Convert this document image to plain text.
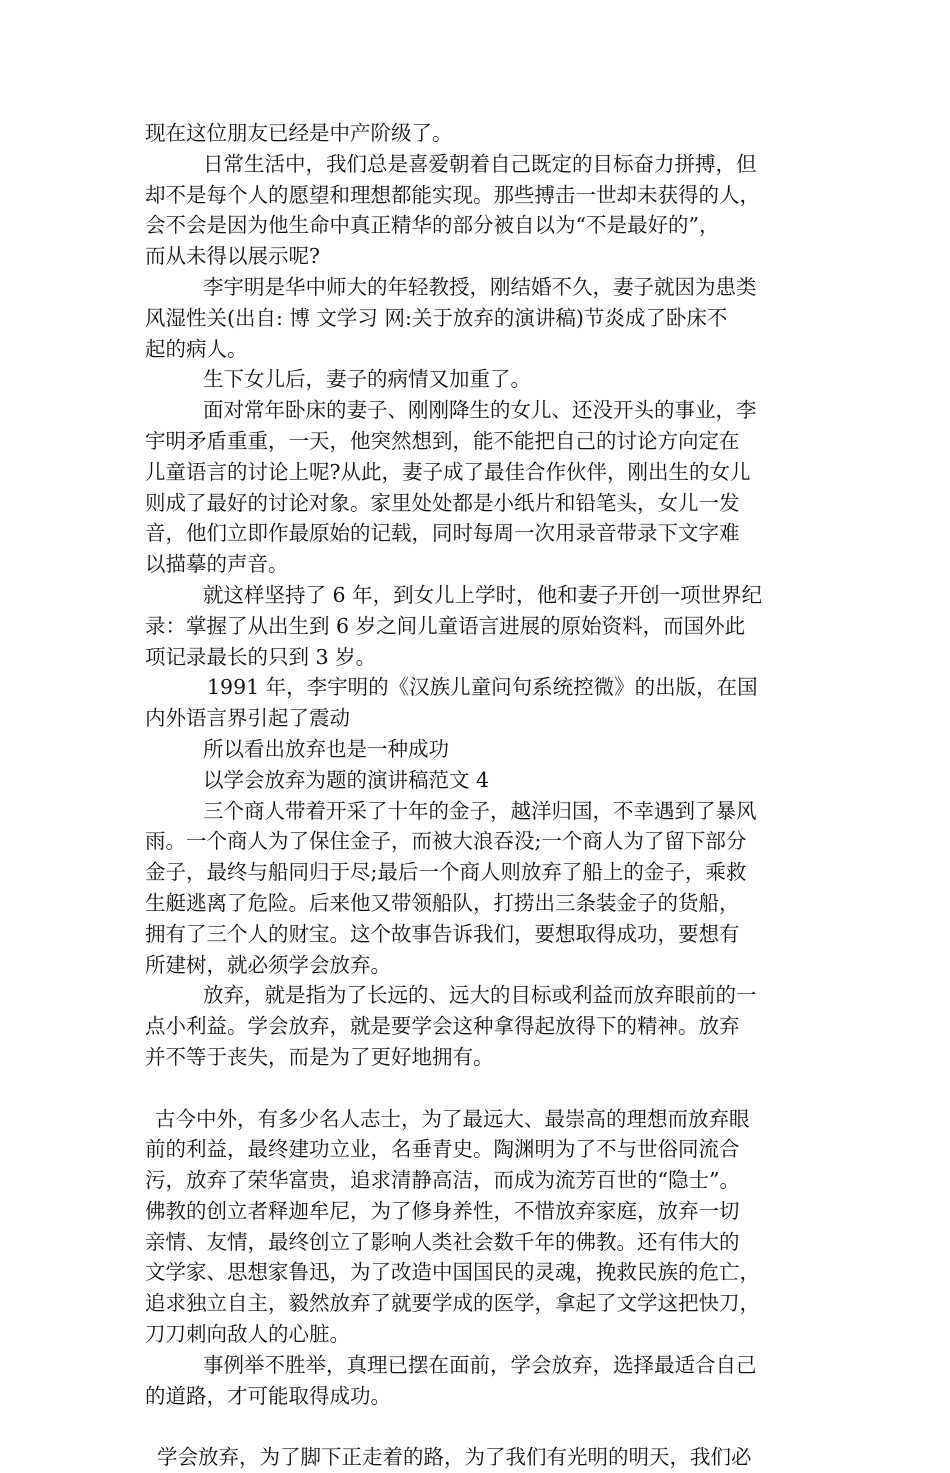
现在这位朋友已经是中产阶级了。
日常生活中，我们总是喜爱朝着自己既定的目标奋力拼搏，但
却不是每个人的愿望和理想都能实现。那些搏击一世却未获得的人，
会不会是因为他生命中真正精华的部分被自以为“不是最好的”，
而从未得以展示呢?
李宇明是华中师大的年轻教授，刚结婚不久，妻子就因为患类
风湿性关(出自: 博 文学习 网:关于放弃的演讲稿)节炎成了卧床不
起的病人。
生下女儿后，妻子的病情又加重了。
面对常年卧床的妻子、刚刚降生的女儿、还没开头的事业，李
宇明矛盾重重，一天，他突然想到，能不能把自己的讨论方向定在
儿童语言的讨论上呢?从此，妻子成了最佳合作伙伴，刚出生的女儿
则成了最好的讨论对象。家里处处都是小纸片和铅笔头，女儿一发
音，他们立即作最原始的记载，同时每周一次用录音带录下文字难
以描摹的声音。
就这样坚持了 6 年，到女儿上学时，他和妻子开创一项世界纪
录：掌握了从出生到 6 岁之间儿童语言进展的原始资料，而国外此
项记录最长的只到 3 岁。
1991 年，李宇明的《汉族儿童问句系统控微》的出版，在国
内外语言界引起了震动
所以看出放弃也是一种成功
以学会放弃为题的演讲稿范文 4
三个商人带着开采了十年的金子，越洋归国，不幸遇到了暴风
雨。一个商人为了保住金子，而被大浪吞没;一个商人为了留下部分
金子，最终与船同归于尽;最后一个商人则放弃了船上的金子，乘救
生艇逃离了危险。后来他又带领船队，打捞出三条装金子的货船，
拥有了三个人的财宝。这个故事告诉我们，要想取得成功，要想有
所建树，就必须学会放弃。
放弃，就是指为了长远的、远大的目标或利益而放弃眼前的一
点小利益。学会放弃，就是要学会这种拿得起放得下的精神。放弃
并不等于丧失，而是为了更好地拥有。
古今中外，有多少名人志士，为了最远大、最崇高的理想而放弃眼
前的利益，最终建功立业，名垂青史。陶渊明为了不与世俗同流合
污，放弃了荣华富贵，追求清静高洁，而成为流芳百世的“隐士”。
佛教的创立者释迦牟尼，为了修身养性，不惜放弃家庭，放弃一切
亲情、友情，最终创立了影响人类社会数千年的佛教。还有伟大的
文学家、思想家鲁迅，为了改造中国国民的灵魂，挽救民族的危亡，
追求独立自主，毅然放弃了就要学成的医学，拿起了文学这把快刀，
刀刀刺向敌人的心脏。
事例举不胜举，真理已摆在面前，学会放弃，选择最适合自己
的道路，才可能取得成功。
学会放弃，为了脚下正走着的路，为了我们有光明的明天，我们必
